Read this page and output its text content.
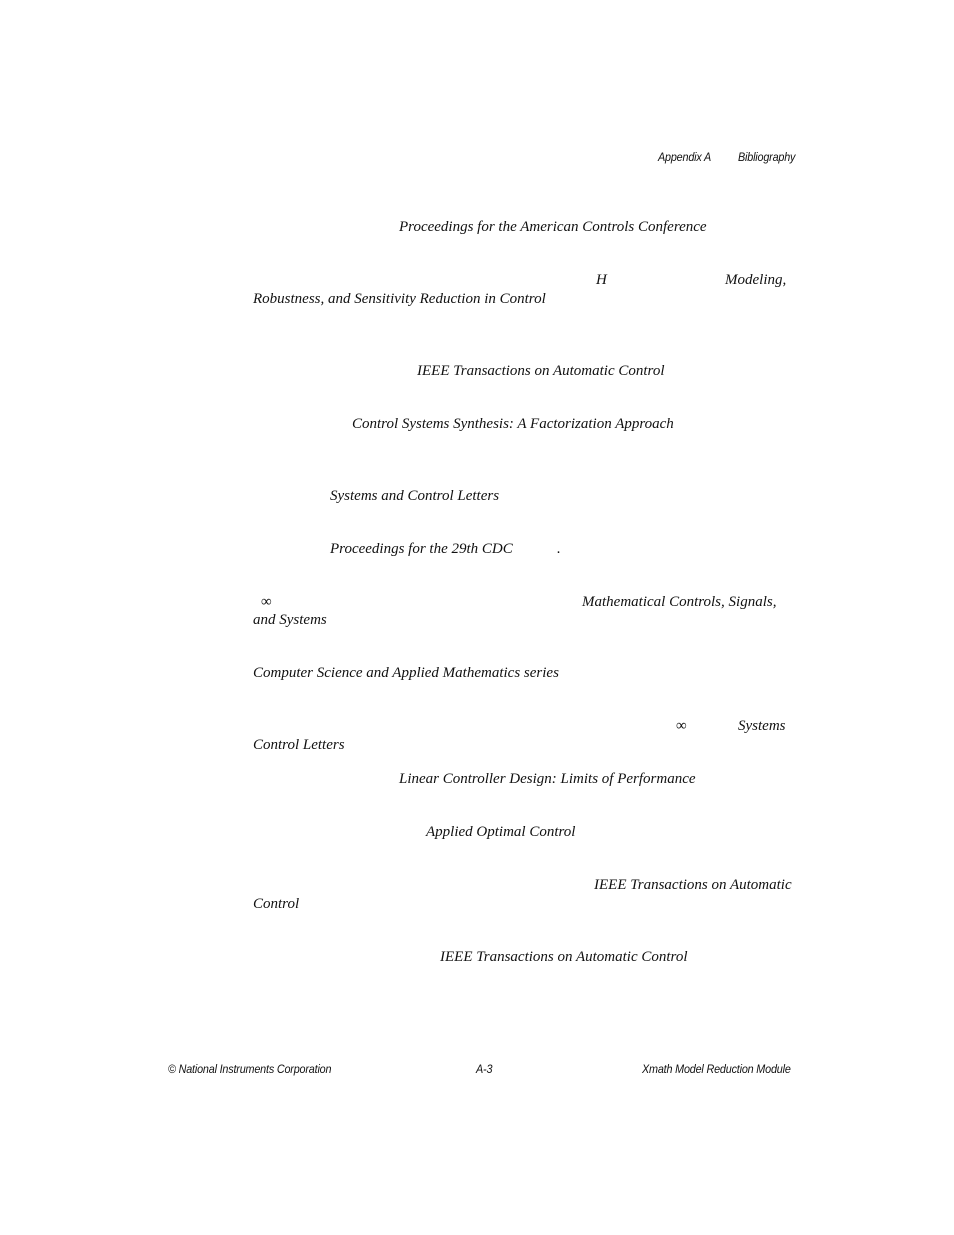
Appendix A Bibliography
Proceedings for the American Controls Conference
H	Modeling,
Robustness, and Sensitivity Reduction in Control
IEEE Transactions on Automatic Control
Control Systems Synthesis: A Factorization Approach
Systems and Control Letters
Proceedings for the 29th CDC	.
∞	Mathematical Controls, Signals,
and Systems
Computer Science and Applied Mathematics series
∞	Systems
Control Letters
Linear Controller Design: Limits of Performance
Applied Optimal Control
IEEE Transactions on Automatic
Control
IEEE Transactions on Automatic Control
© National Instruments Corporation	A-3	Xmath Model Reduction Module
